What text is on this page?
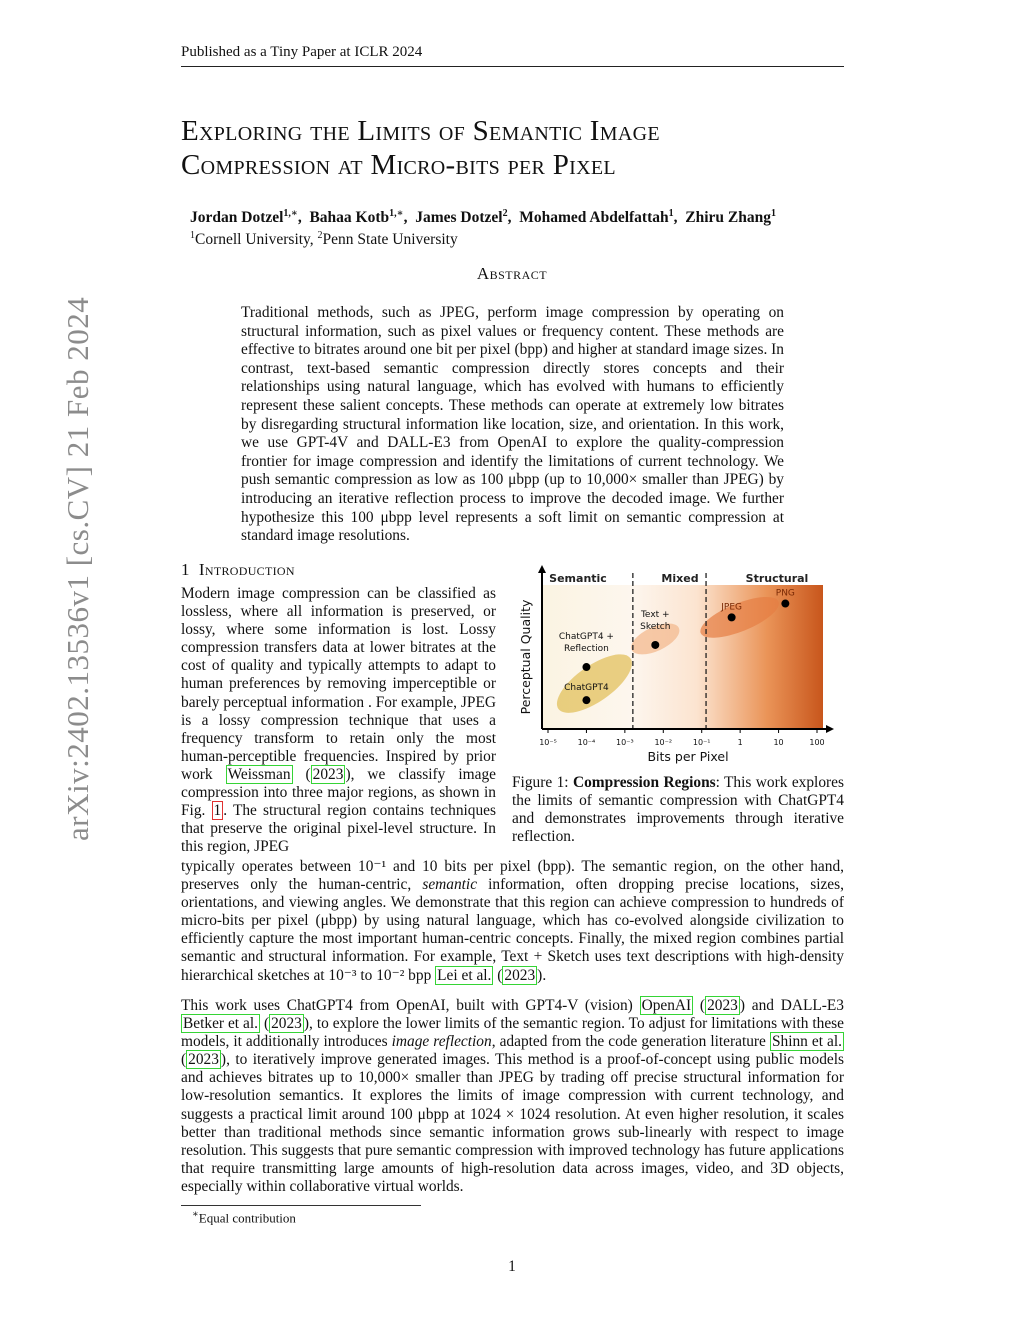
Published as a Tiny Paper at ICLR 2024
arXiv:2402.13536v1 [cs.CV] 21 Feb 2024
Exploring the Limits of Semantic Image
Compression at Micro-bits per Pixel
Jordan Dotzel$^{1,∗}$,  Bahaa Kotb$^{1,∗}$,  James Dotzel$^2$,  Mohamed Abdelfattah$^1$,  Zhiru Zhang$^1$
$^1$Cornell University, $^2$Penn State University
Abstract
Traditional methods, such as JPEG, perform image compression by operating on structural information, such as pixel values or frequency content. These methods are effective to bitrates around one bit per pixel (bpp) and higher at standard image sizes. In contrast, text-based semantic compression directly stores concepts and their relationships using natural language, which has evolved with humans to efficiently represent these salient concepts. These methods can operate at extremely low bitrates by disregarding structural information like location, size, and orientation. In this work, we use GPT-4V and DALL-E3 from OpenAI to explore the quality-compression frontier for image compression and identify the limitations of current technology. We push semantic compression as low as 100 μbpp (up to 10,000× smaller than JPEG) by introducing an iterative reflection process to improve the decoded image. We further hypothesize this 100 μbpp level represents a soft limit on semantic compression at standard image resolutions.
1 Introduction
Modern image compression can be classified as lossless, where all information is preserved, or lossy, where some information is lost. Lossy compression transfers data at lower bitrates at the cost of quality and typically attempts to adapt to human preferences by removing imperceptible or barely perceptual information . For example, JPEG is a lossy compression technique that uses a frequency transform to retain only the most human-perceptible frequencies. Inspired by prior work Weissman ( 2023 ), we classify image compression into three major regions, as shown in Fig. 1 . The structural region contains techniques that preserve the original pixel-level structure. In this region, JPEG
10⁻⁵	10⁻⁴	10⁻³	10⁻²	10⁻¹	1	10	100
ChatGPT4
ChatGPT4 +
Reflection
Text +
Sketch
JPEG
PNG
Semantic	Mixed	Structural
Bits per Pixel
Perceptual Quality
Figure 1: Compression Regions: This work explores the limits of semantic compression with ChatGPT4 and demonstrates improvements through iterative reflection.
typically operates between 10⁻¹ and 10 bits per pixel (bpp). The semantic region, on the other hand, preserves only the human-centric, semantic information, often dropping precise locations, sizes, orientations, and viewing angles. We demonstrate that this region can achieve compression to hundreds of micro-bits per pixel (μbpp) by using natural language, which has co-evolved alongside civilization to efficiently capture the most important human-centric concepts. Finally, the mixed region combines partial semantic and structural information. For example, Text + Sketch uses text descriptions with high-density hierarchical sketches at 10⁻³ to 10⁻² bpp Lei et al. ( 2023 ).
This work uses ChatGPT4 from OpenAI, built with GPT4-V (vision) OpenAI ( 2023 ) and DALL-E3 Betker et al. ( 2023 ), to explore the lower limits of the semantic region. To adjust for limitations with these models, it additionally introduces image reflection, adapted from the code generation literature Shinn et al. ( 2023 ), to iteratively improve generated images. This method is a proof-of-concept using public models and achieves bitrates up to 10,000× smaller than JPEG by trading off precise structural information for low-resolution semantics. It explores the limits of image compression with current technology, and suggests a practical limit around 100 μbpp at 1024 × 1024 resolution. At even higher resolution, it scales better than traditional methods since semantic information grows sub-linearly with respect to image resolution. This suggests that pure semantic compression with improved technology has future applications that require transmitting large amounts of high-resolution data across images, video, and 3D objects, especially within collaborative virtual worlds.
∗Equal contribution
1
